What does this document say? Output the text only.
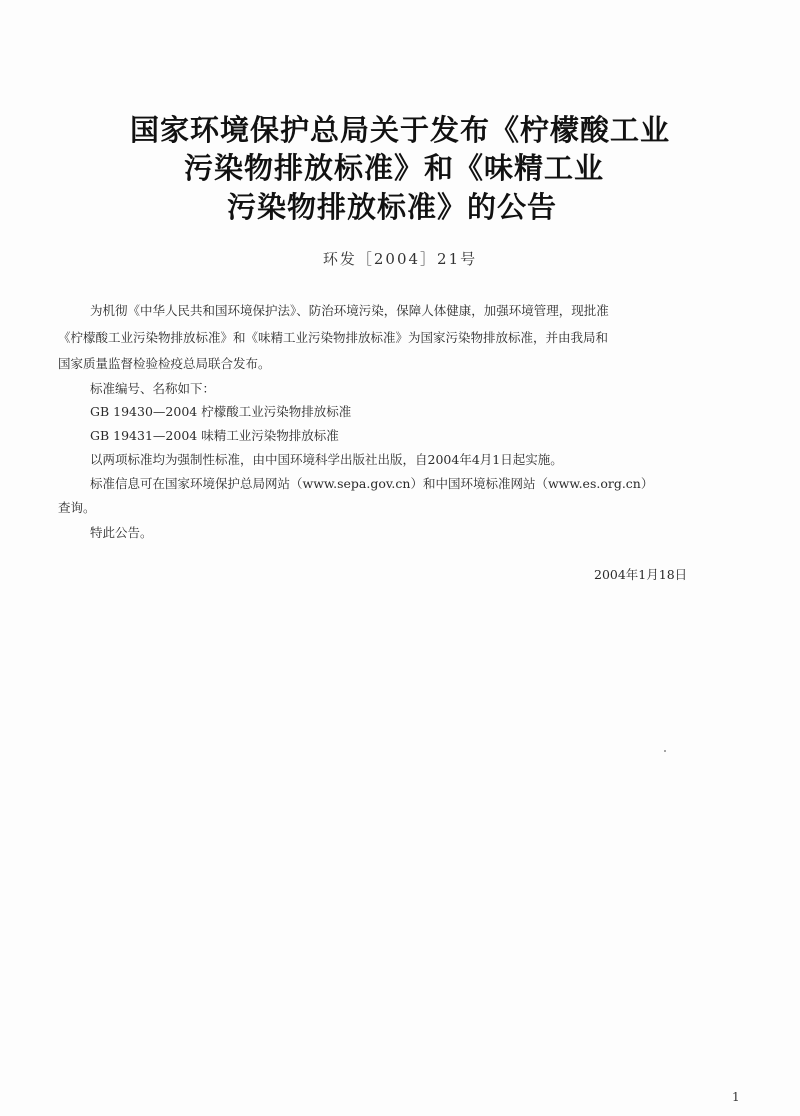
国家环境保护总局关于发布《柠檬酸工业
污染物排放标准》和《味精工业
污染物排放标准》的公告
环发［2004］21号
为机彻《中华人民共和国环境保护法》、防治环境污染，保障人体健康，加强环境管理，现批准
《柠檬酸工业污染物排放标准》和《味精工业污染物排放标准》为国家污染物排放标准，并由我局和
国家质量监督检验检疫总局联合发布。
标准编号、名称如下：
GB 19430—2004 柠檬酸工业污染物排放标准
GB 19431—2004 味精工业污染物排放标准
以两项标准均为强制性标准，由中国环境科学出版社出版，自2004年4月1日起实施。
标准信息可在国家环境保护总局网站（www.sepa.gov.cn）和中国环境标准网站（www.es.org.cn）
查询。
特此公告。
2004年1月18日
1
